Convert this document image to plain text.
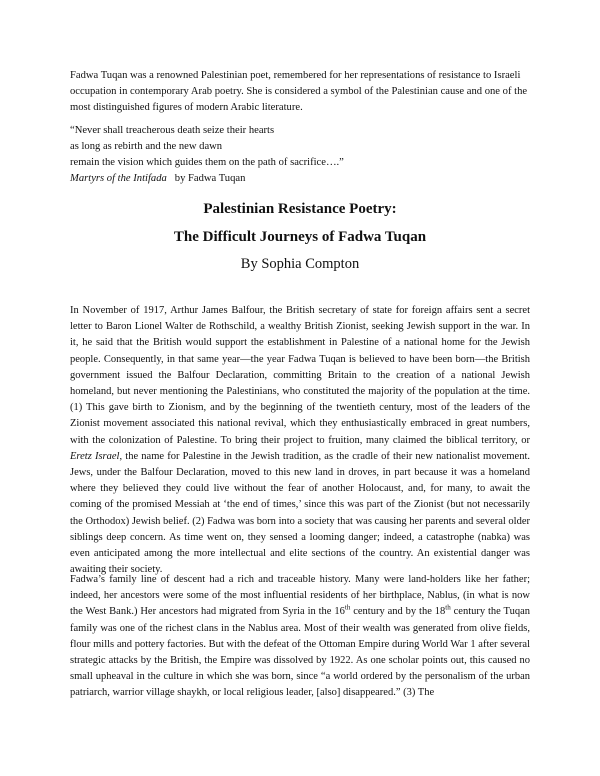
Fadwa Tuqan was a renowned Palestinian poet, remembered for her representations of resistance to Israeli occupation in contemporary Arab poetry. She is considered a symbol of the Palestinian cause and one of the most distinguished figures of modern Arabic literature.
“Never shall treacherous death seize their hearts
as long as rebirth and the new dawn
remain the vision which guides them on the path of sacrifice….”
Martyrs of the Intifada by Fadwa Tuqan
Palestinian Resistance Poetry:
The Difficult Journeys of Fadwa Tuqan
By Sophia Compton
In November of 1917, Arthur James Balfour, the British secretary of state for foreign affairs sent a secret letter to Baron Lionel Walter de Rothschild, a wealthy British Zionist, seeking Jewish support in the war. In it, he said that the British would support the establishment in Palestine of a national home for the Jewish people. Consequently, in that same year—the year Fadwa Tuqan is believed to have been born—the British government issued the Balfour Declaration, committing Britain to the creation of a national Jewish homeland, but never mentioning the Palestinians, who constituted the majority of the population at the time. (1) This gave birth to Zionism, and by the beginning of the twentieth century, most of the leaders of the Zionist movement associated this national revival, which they enthusiastically embraced in great numbers, with the colonization of Palestine. To bring their project to fruition, many claimed the biblical territory, or Eretz Israel, the name for Palestine in the Jewish tradition, as the cradle of their new nationalist movement. Jews, under the Balfour Declaration, moved to this new land in droves, in part because it was a homeland where they believed they could live without the fear of another Holocaust, and, for many, to await the coming of the promised Messiah at ‘the end of times,’ since this was part of the Zionist (but not necessarily the Orthodox) Jewish belief. (2) Fadwa was born into a society that was causing her parents and several older siblings deep concern. As time went on, they sensed a looming danger; indeed, a catastrophe (nabka) was even anticipated among the more intellectual and elite sections of the country. An existential danger was awaiting their society.
Fadwa’s family line of descent had a rich and traceable history. Many were land-holders like her father; indeed, her ancestors were some of the most influential residents of her birthplace, Nablus, (in what is now the West Bank.) Her ancestors had migrated from Syria in the 16th century and by the 18th century the Tuqan family was one of the richest clans in the Nablus area. Most of their wealth was generated from olive fields, flour mills and pottery factories. But with the defeat of the Ottoman Empire during World War 1 after several strategic attacks by the British, the Empire was dissolved by 1922. As one scholar points out, this caused no small upheaval in the culture in which she was born, since “a world ordered by the personalism of the urban patriarch, warrior village shaykh, or local religious leader, [also] disappeared.” (3) The
